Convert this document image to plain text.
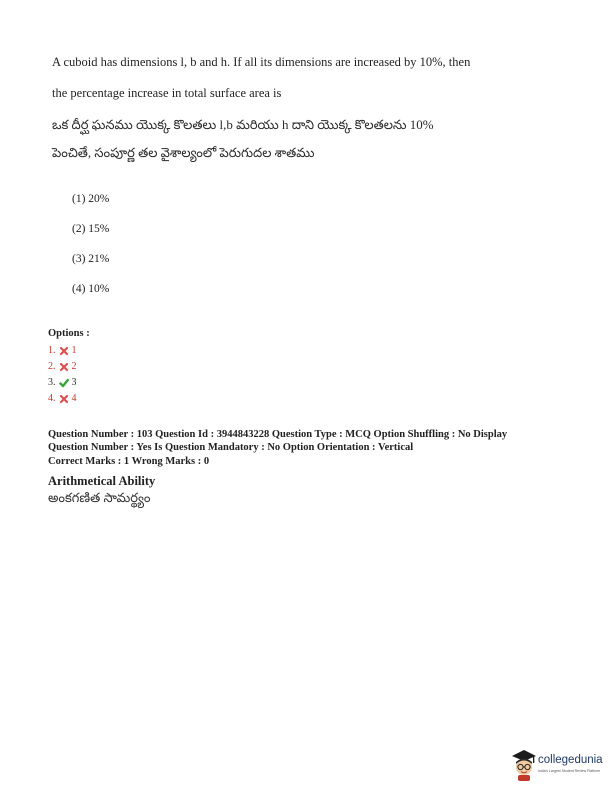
A cuboid has dimensions l, b and h. If all its dimensions are increased by 10%, then
the percentage increase in total surface area is
ఒక దీర్ఘ ఘనము యొక్క కొలతలు l,b మరియు h దాని యొక్క కొలతలను 10%
పెంచితే, సంపూర్ణ తల వైశాల్యంలో పెరుగుదల శాతము
(1) 20%
(2) 15%
(3) 21%
(4) 10%
Options :
1. 1
2. 2
3. 3
4. 4
Question Number : 103 Question Id : 3944843228 Question Type : MCQ Option Shuffling : No Display
Question Number : Yes Is Question Mandatory : No Option Orientation : Vertical
Correct Marks : 1 Wrong Marks : 0
Arithmetical Ability
అంకగణిత సామర్థ్యం
collegedunia
India's Largest Student Review Platform
